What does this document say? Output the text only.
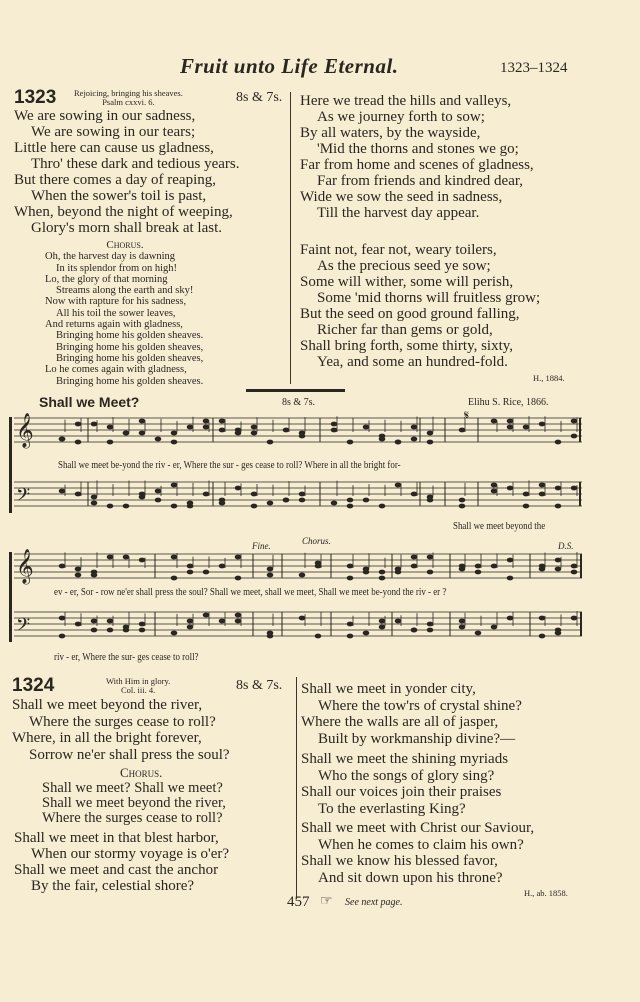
Fruit unto Life Eternal.	1323–1324
1323 Rejoicing, bringing his sheaves.
Psalm cxxvi. 6.	8s & 7s.
We are sowing in our sadness,
We are sowing in our tears;
Little here can cause us gladness,
Thro' these dark and tedious years.
But there comes a day of reaping,
When the sower's toil is past,
When, beyond the night of weeping,
Glory's morn shall break at last.
Chorus.
Oh, the harvest day is dawning
In its splendor from on high!
Lo, the glory of that morning
Streams along the earth and sky!
Now with rapture for his sadness,
All his toil the sower leaves,
And returns again with gladness,
Bringing home his golden sheaves.
Bringing home his golden sheaves,
Bringing home his golden sheaves,
Lo he comes again with gladness,
Bringing home his golden sheaves.
Here we tread the hills and valleys,
As we journey forth to sow;
By all waters, by the wayside,
'Mid the thorns and stones we go;
Far from home and scenes of gladness,
Far from friends and kindred dear,
Wide we sow the seed in sadness,
Till the harvest day appear.
Faint not, fear not, weary toilers,
As the precious seed ye sow;
Some will wither, some will perish,
Some 'mid thorns will fruitless grow;
But the seed on good ground falling,
Richer far than gems or gold,
Shall bring forth, some thirty, sixty,
Yea, and some an hundred-fold.
H., 1884.
Shall we Meet?	8s & 7s.	Elihu S. Rice, 1866.
𝄋
𝄞
𝄢
𝄞
𝄢
Shall we meet be-yond the riv - er, Where the sur - ges cease to roll? Where in all the bright for-
Shall we meet beyond the
Fine.	Chorus.	D.S.
ev - er, Sor - row ne'er shall press the soul? Shall we meet, shall we meet, Shall we meet be-yond the riv - er ?
riv - er, Where the sur- ges cease to roll?
1324	With Him in glory.
Col. iii. 4.	8s & 7s.
Shall we meet beyond the river,
Where the surges cease to roll?
Where, in all the bright forever,
Sorrow ne'er shall press the soul?
Chorus.
Shall we meet? Shall we meet?
Shall we meet beyond the river,
Where the surges cease to roll?
Shall we meet in that blest harbor,
When our stormy voyage is o'er?
Shall we meet and cast the anchor
By the fair, celestial shore?
Shall we meet in yonder city,
Where the tow'rs of crystal shine?
Where the walls are all of jasper,
Built by workmanship divine?—
Shall we meet the shining myriads
Who the songs of glory sing?
Shall our voices join their praises
To the everlasting King?
Shall we meet with Christ our Saviour,
When he comes to claim his own?
Shall we know his blessed favor,
And sit down upon his throne?
H., ab. 1858.
457 ☞ See next page.
